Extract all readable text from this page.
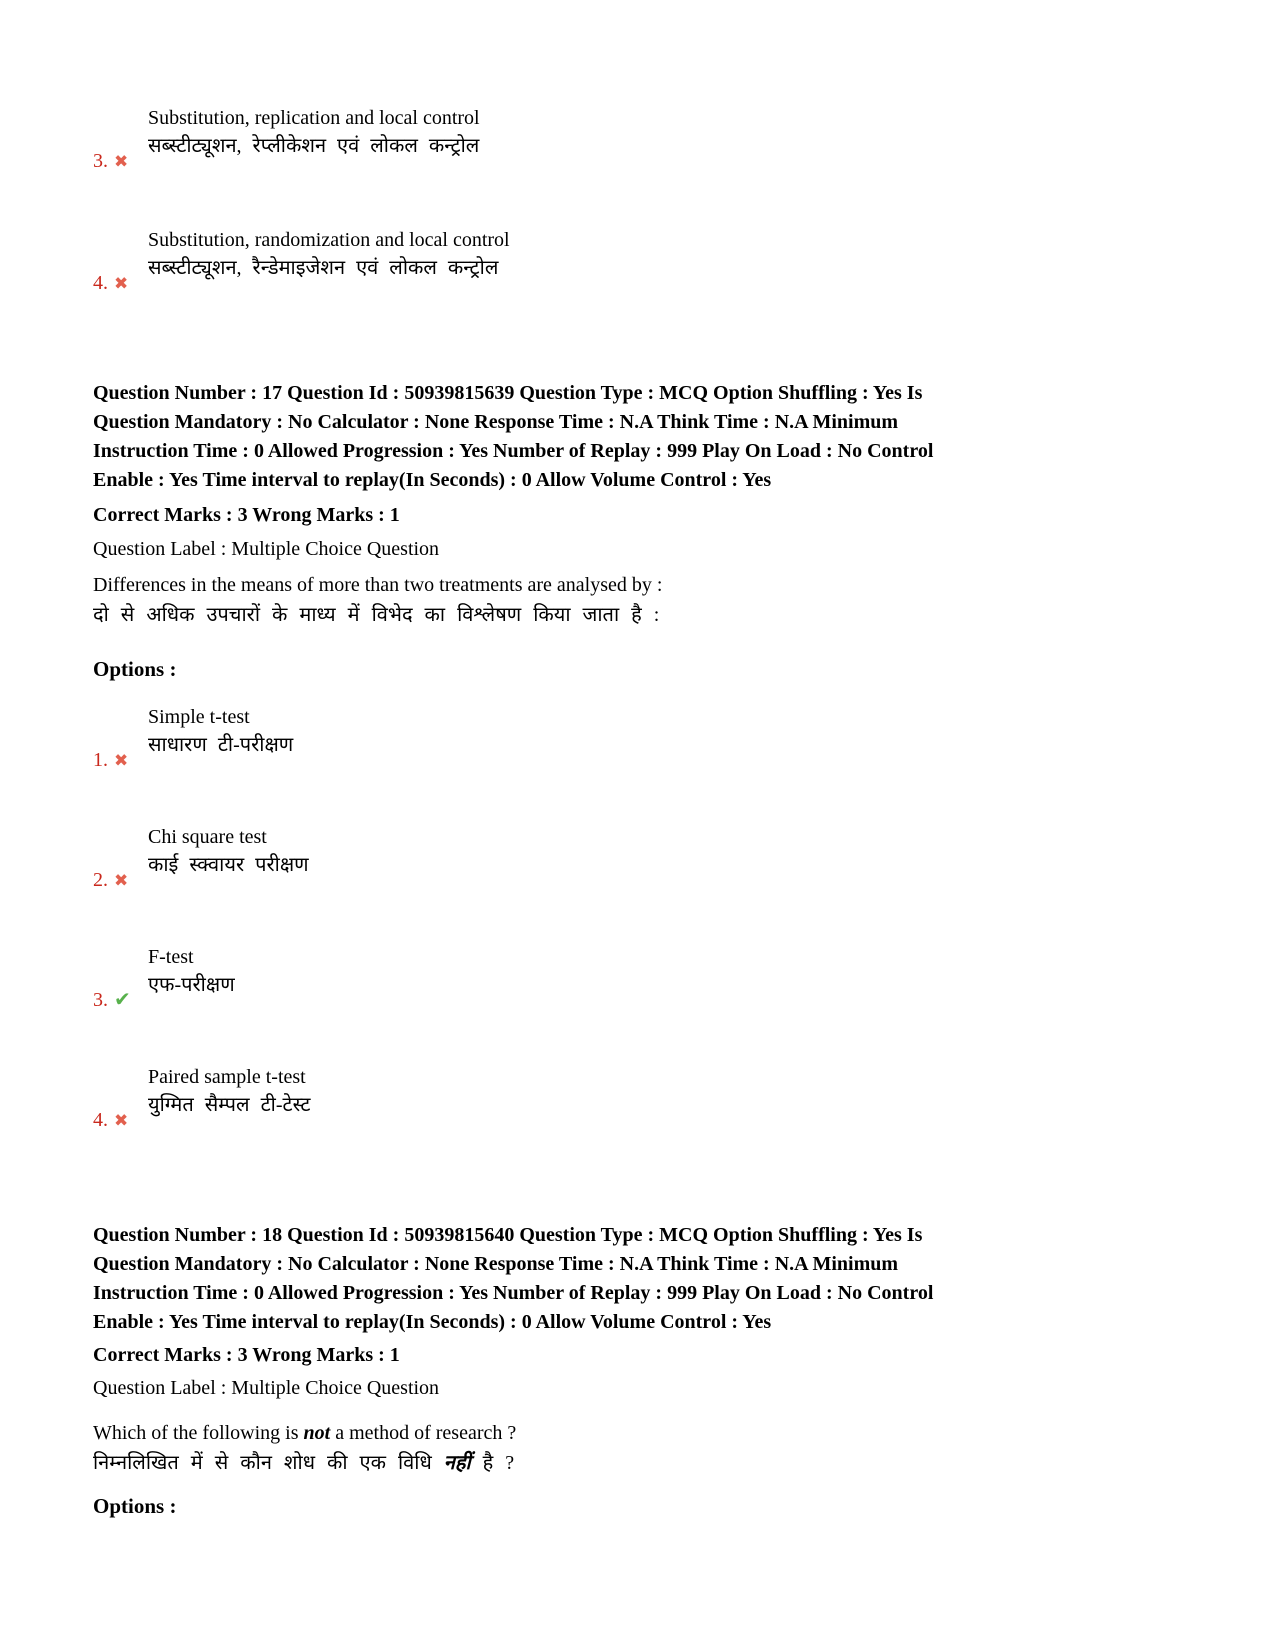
3. ✖
Substitution, replication and local control
सब्स्टीट्यूशन, रेप्लीकेशन एवं लोकल कन्ट्रोल
4. ✖
Substitution, randomization and local control
सब्स्टीट्यूशन, रैन्डेमाइजेशन एवं लोकल कन्ट्रोल
Question Number : 17 Question Id : 50939815639 Question Type : MCQ Option Shuffling : Yes Is
Question Mandatory : No Calculator : None Response Time : N.A Think Time : N.A Minimum
Instruction Time : 0 Allowed Progression : Yes Number of Replay : 999 Play On Load : No Control
Enable : Yes Time interval to replay(In Seconds) : 0 Allow Volume Control : Yes
Correct Marks : 3 Wrong Marks : 1
Question Label : Multiple Choice Question
Differences in the means of more than two treatments are analysed by :
दो से अधिक उपचारों के माध्य में विभेद का विश्लेषण किया जाता है :
Options :
1. ✖
Simple t-test
साधारण टी-परीक्षण
2. ✖
Chi square test
काई स्क्वायर परीक्षण
3. ✔
F-test
एफ-परीक्षण
4. ✖
Paired sample t-test
युग्मित सैम्पल टी-टेस्ट
Question Number : 18 Question Id : 50939815640 Question Type : MCQ Option Shuffling : Yes Is
Question Mandatory : No Calculator : None Response Time : N.A Think Time : N.A Minimum
Instruction Time : 0 Allowed Progression : Yes Number of Replay : 999 Play On Load : No Control
Enable : Yes Time interval to replay(In Seconds) : 0 Allow Volume Control : Yes
Correct Marks : 3 Wrong Marks : 1
Question Label : Multiple Choice Question
Which of the following is not a method of research ?
निम्नलिखित में से कौन शोध की एक विधि नहीं है ?
Options :
